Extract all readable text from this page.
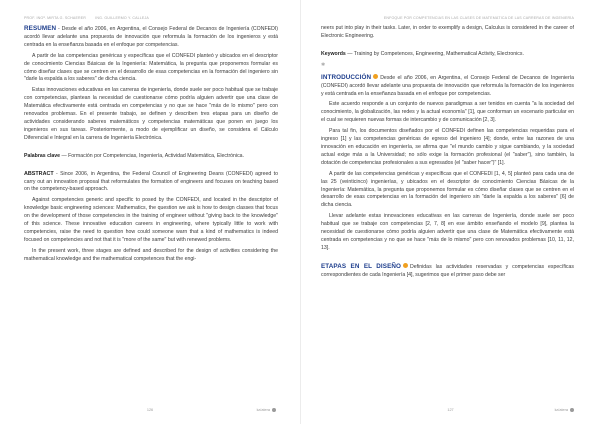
PROF. INGª. MIRTA G. SCHAERER	ING. GUILLERMO Y. CALLEJA

RESUMEN - Desde el año 2006, en Argentina, el Consejo Federal de Decanos de Ingeniería (CONFEDI) acordó llevar adelante una propuesta de innovación que reformula la formación de los ingenieros y está centrada en la enseñanza basada en el enfoque por competencias.

A partir de las competencias genéricas y específicas que el CONFEDI planteó y ubicados en el descriptor de conocimiento Ciencias Básicas de la Ingeniería: Matemática, la pregunta que proponemos formular es cómo diseñar clases que se centren en el desarrollo de esas competencias en la formación del ingeniero sin "darle la espalda a los saberes" de dicha ciencia.

Estas innovaciones educativas en las carreras de ingeniería, donde suele ser poco habitual que se trabaje con competencias, plantean la necesidad de cuestionarse cómo podría alguien advertir que una clase de Matemática efectivamente está centrada en competencias y no que se hace "más de lo mismo" pero con renovados problemas. En el presente trabajo, se definen y describen tres etapas para un diseño de actividades considerando saberes matemáticos y competencias matemáticas que ponen en juego los ingenieros en sus tareas. Posteriormente, a modo de ejemplificar un diseño, se considera el Cálculo Diferencial e Integral en la carrera de Ingeniería Electrónica.

Palabras clave — Formación por Competencias, Ingeniería, Actividad Matemática, Electrónica.

ABSTRACT - Since 2006, in Argentina, the Federal Council of Engineering Deans (CONFEDI) agreed to carry out an innovation proposal that reformulates the formation of engineers and focuses on teaching based on the competency-based approach.

Against competencies generic and specific to posed by the CONFEDI, and located in the descriptor of knowledge basic engineering sciences: Mathematics, the question we ask is how to design classes that focus on the development of those competencies in the training of engineer without "giving back to the knowledge" of this science. These innovative education careers in engineering, where typically little to work with competencies, raise the need to question how could someone warn that a kind of mathematics is indeed focused on competencies and not that it is "more of the same" but with renewed problems.

In the present work, three stages are defined and described for the design of activities considering the mathematical knowledge and the mathematical competences that the engi-

126	ka'atera
ENFOQUE POR COMPETENCIAS EN LAS CLASES DE MATEMÁTICA DE LAS CARRERAS DE INGENIERÍA

neers put into play in their tasks. Later, in order to exemplify a design, Calculus is considered in the career of Electronic Engineering.

Keywords — Training by Competences, Engineering, Mathematical Activity, Electronics.

✱

INTRODUCCIÓN Desde el año 2006, en Argentina, el Consejo Federal de Decanos de Ingeniería (CONFEDI) acordó llevar adelante una propuesta de innovación que reformula la formación de los ingenieros y está centrada en la enseñanza basada en el enfoque por competencias.

Este acuerdo responde a un conjunto de nuevos paradigmas a ser tenidos en cuenta "a la sociedad del conocimiento, la globalización, las redes y la actual economía" [1], que conforman un escenario particular en el cual se requieren nuevas formas de intercambio y de comunicación [2, 3].

Para tal fin, los documentos diseñados por el CONFEDI definen las competencias requeridas para el ingreso [1] y las competencias genéricas de egreso del ingeniero [4]; donde, entre las razones de una innovación en educación en ingeniería, se afirma que "el mundo cambio y sigue cambiando, y la sociedad actual exige más a la Universidad; no sólo exige la formación profesional (el "saber"), sino también, la dotación de competencias profesionales a sus egresados (el "saber hacer")" [1].

A partir de las competencias genéricas y específicas que el CONFEDI [1, 4, 5] planteó para cada una de las 25 (veinticinco) ingenierías, y ubicados en el descriptor de conocimiento Ciencias Básicas de la Ingeniería: Matemática, la pregunta que proponemos formular es cómo diseñar clases que se centren en el desarrollo de esas competencias en la formación del ingeniero sin "darle la espalda a los saberes" [6] de dicha ciencia.

Llevar adelante estas innovaciones educativas en las carreras de Ingeniería, donde suele ser poco habitual que se trabaje con competencias [2, 7, 8] en ese ámbito enseñando el modelo [9], plantea la necesidad de cuestionarse cómo podría alguien advertir que una clase de Matemática efectivamente está centrada en competencias y no que se hace "más de lo mismo" pero con renovados problemas [10, 11, 12, 13].

ETAPAS EN EL DISEÑO Definidas las actividades reservadas y competencias específicas correspondientes de cada Ingeniería [4], sugerimos que el primer paso debe ser

127	ka'atera
